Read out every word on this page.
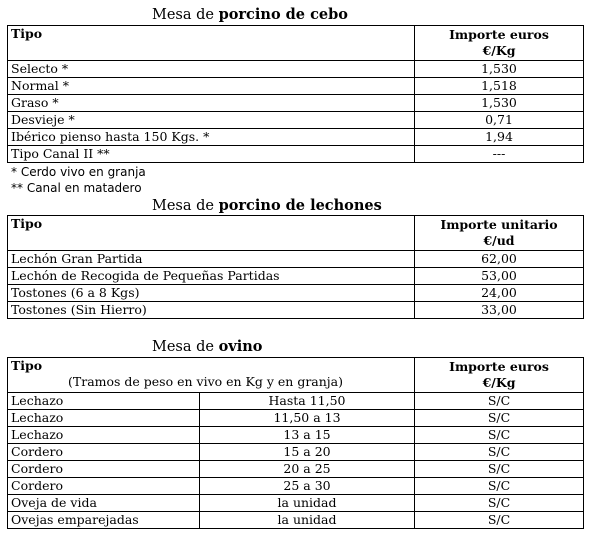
Mesa de porcino de cebo
Tipo	Importe euros
€/Kg

Selecto *	1,530
Normal *	1,518
Graso *	1,530
Desvieje *	0,71
Ibérico pienso hasta 150 Kgs. *	1,94
Tipo Canal II **	---
* Cerdo vivo en granja
** Canal en matadero
Mesa de porcino de lechones
Tipo	Importe unitario
€/ud

Lechón Gran Partida	62,00
Lechón de Recogida de Pequeñas Partidas	53,00
Tostones (6 a 8 Kgs)	24,00
Tostones (Sin Hierro)	33,00
Mesa de ovino
Tipo
(Tramos de peso en vivo en Kg y en granja)		Importe euros
€/Kg

Lechazo	Hasta 11,50	S/C
Lechazo	11,50 a 13	S/C
Lechazo	13 a 15	S/C
Cordero	15 a 20	S/C
Cordero	20 a 25	S/C
Cordero	25 a 30	S/C
Oveja de vida	la unidad	S/C
Ovejas emparejadas	la unidad	S/C
